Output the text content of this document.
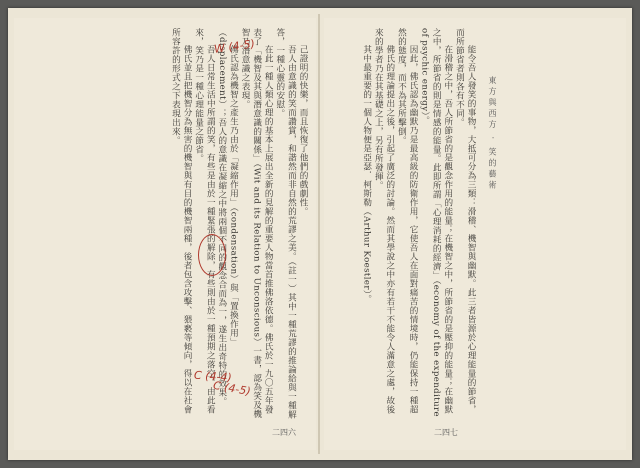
己證明的快樂，而且恢復了他們的戲劇性。

吾人由意識的笑而讚賞，和諧然而非自然的荒謬之美。（註一）其中一種荒謬的推論給與一種解答，一種心靈的安慰。

在此一種人類心理的基本上展出全新的見解的重要人物當首推佛洛依德。佛氏於一九〇五年發表了「機智及其與潛意識的關係」（Wit and its Relation to Unconscious）一書，認為笑及機智乃潛意識之表現。

佛氏認為機智之產生乃由於「凝縮作用」（condensation）與「置換作用」（displacement）；吾人的意識在凝縮之中將兩個不同的觀念合而為一，遂生出奇特的效果。

吾人日常生活中所謂的笑，有些是由於一種緊張的解除，有些則由於一種預期之落空。由此看來，笑乃是一種心理能量之節省。

佛氏並且把機智分為無害的機智與有目的機智兩種，後者包含攻擊、猥褻等傾向，得以在社會所容許的形式之下表現出來。

二四六
東方與西方 · 笑的藝術

能令吾人發笑的事物，大抵可分為三類：滑稽、機智與幽默。此三者皆源於心理能量的節省，而所節省者則各有不同。

在滑稽之中，吾人所節省的是觀念作用的能量；在機智之中，所節省的是壓抑的能量；在幽默之中，所節省的則是情感的能量。此即所謂「心理消耗的經濟」（economy of the expenditure of psychic energy）。

因此，佛氏認為幽默乃是最高級的防衛作用，它使吾人在面對痛苦的情境時，仍能保持一種超然的態度，而不為其所擊倒。

佛氏的理論提出之後，引起了廣泛的討論。然而其學說之中亦有若干不能令人滿意之處，故後來的學者乃在其基礎之上，另有所發揮。

其中最重要的一個人物便是亞瑟．柯斯勒（Arthur Koestler）。

二四七
W (4-5)
C (4-4)
C (4-5)
